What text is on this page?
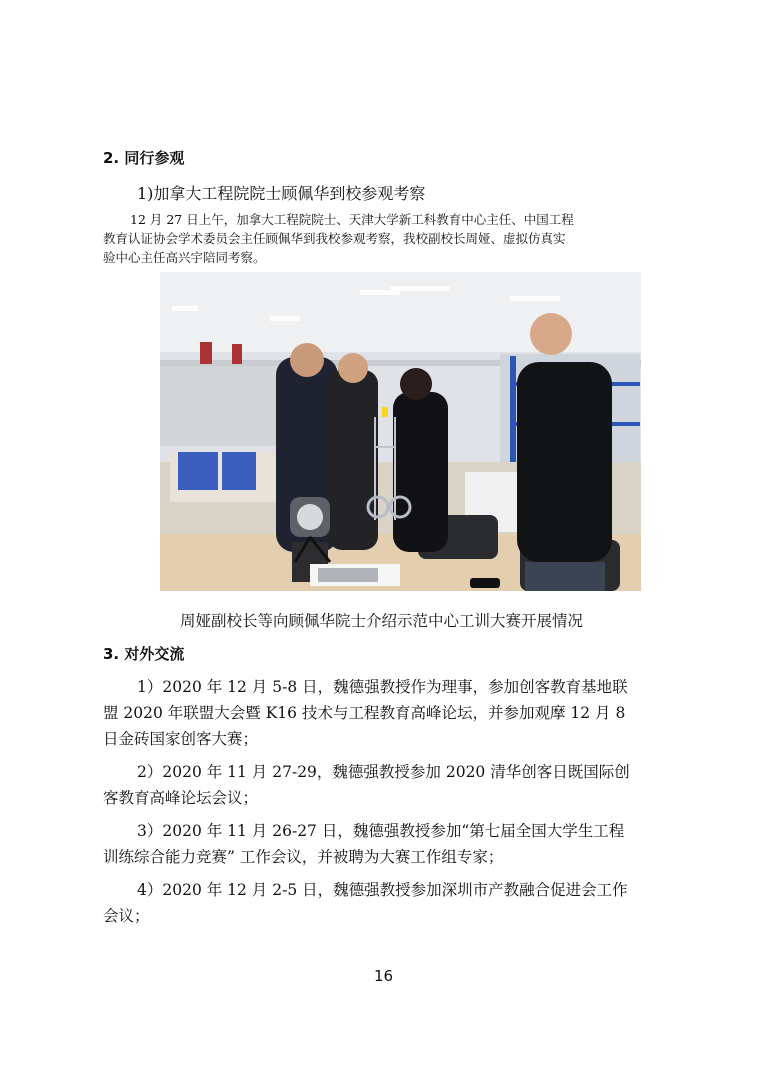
2. 同行参观
1)加拿大工程院院士顾佩华到校参观考察
12 月 27 日上午，加拿大工程院院士、天津大学新工科教育中心主任、中国工程
教育认证协会学术委员会主任顾佩华到我校参观考察，我校副校长周娅、虚拟仿真实
验中心主任高兴宇陪同考察。
周娅副校长等向顾佩华院士介绍示范中心工训大赛开展情况
3. 对外交流
1）2020 年 12 月 5-8 日，魏德强教授作为理事，参加创客教育基地联
盟 2020 年联盟大会暨 K16 技术与工程教育高峰论坛，并参加观摩 12 月 8
日金砖国家创客大赛；
2）2020 年 11 月 27-29，魏德强教授参加 2020 清华创客日既国际创
客教育高峰论坛会议；
3）2020 年 11 月 26-27 日，魏德强教授参加“第七届全国大学生工程
训练综合能力竞赛” 工作会议，并被聘为大赛工作组专家；
4）2020 年 12 月 2-5 日，魏德强教授参加深圳市产教融合促进会工作
会议；
16
